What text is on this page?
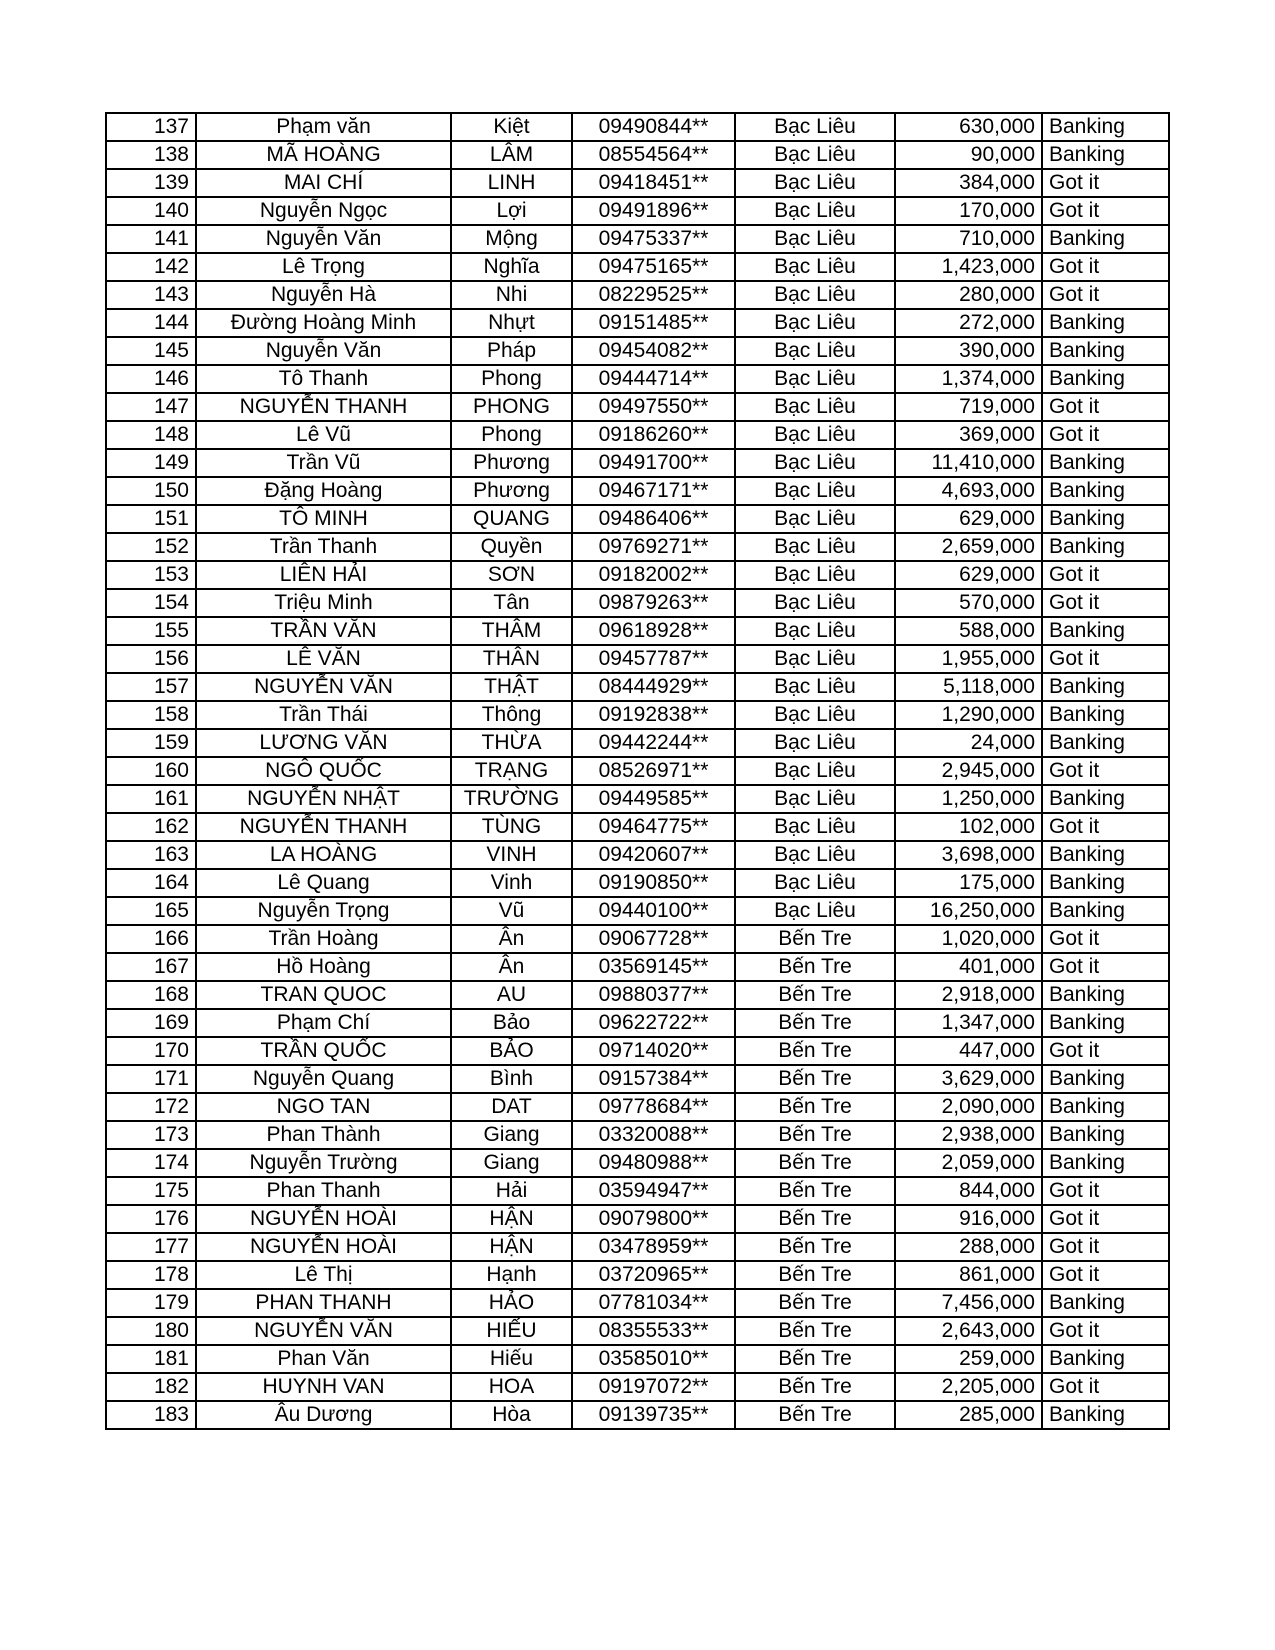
137	Phạm văn	Kiệt	09490844**	Bạc Liêu	630,000	Banking
138	MÃ HOÀNG	LÂM	08554564**	Bạc Liêu	90,000	Banking
139	MAI CHÍ	LINH	09418451**	Bạc Liêu	384,000	Got it
140	Nguyễn Ngọc	Lợi	09491896**	Bạc Liêu	170,000	Got it
141	Nguyễn Văn	Mộng	09475337**	Bạc Liêu	710,000	Banking
142	Lê Trọng	Nghĩa	09475165**	Bạc Liêu	1,423,000	Got it
143	Nguyễn Hà	Nhi	08229525**	Bạc Liêu	280,000	Got it
144	Đường Hoàng Minh	Nhựt	09151485**	Bạc Liêu	272,000	Banking
145	Nguyễn Văn	Pháp	09454082**	Bạc Liêu	390,000	Banking
146	Tô Thanh	Phong	09444714**	Bạc Liêu	1,374,000	Banking
147	NGUYỄN THANH	PHONG	09497550**	Bạc Liêu	719,000	Got it
148	Lê Vũ	Phong	09186260**	Bạc Liêu	369,000	Got it
149	Trần Vũ	Phương	09491700**	Bạc Liêu	11,410,000	Banking
150	Đặng Hoàng	Phương	09467171**	Bạc Liêu	4,693,000	Banking
151	TÔ MINH	QUANG	09486406**	Bạc Liêu	629,000	Banking
152	Trần Thanh	Quyền	09769271**	Bạc Liêu	2,659,000	Banking
153	LIÊN HẢI	SƠN	09182002**	Bạc Liêu	629,000	Got it
154	Triệu Minh	Tân	09879263**	Bạc Liêu	570,000	Got it
155	TRẦN VĂN	THÂM	09618928**	Bạc Liêu	588,000	Banking
156	LÊ VĂN	THÂN	09457787**	Bạc Liêu	1,955,000	Got it
157	NGUYỄN VĂN	THẬT	08444929**	Bạc Liêu	5,118,000	Banking
158	Trần Thái	Thông	09192838**	Bạc Liêu	1,290,000	Banking
159	LƯƠNG VĂN	THỪA	09442244**	Bạc Liêu	24,000	Banking
160	NGÔ QUỐC	TRẠNG	08526971**	Bạc Liêu	2,945,000	Got it
161	NGUYỄN NHẬT	TRƯỜNG	09449585**	Bạc Liêu	1,250,000	Banking
162	NGUYỄN THANH	TÙNG	09464775**	Bạc Liêu	102,000	Got it
163	LA HOÀNG	VINH	09420607**	Bạc Liêu	3,698,000	Banking
164	Lê Quang	Vinh	09190850**	Bạc Liêu	175,000	Banking
165	Nguyễn Trọng	Vũ	09440100**	Bạc Liêu	16,250,000	Banking
166	Trần Hoàng	Ân	09067728**	Bến Tre	1,020,000	Got it
167	Hồ Hoàng	Ân	03569145**	Bến Tre	401,000	Got it
168	TRAN QUOC	AU	09880377**	Bến Tre	2,918,000	Banking
169	Phạm Chí	Bảo	09622722**	Bến Tre	1,347,000	Banking
170	TRẦN QUỐC	BẢO	09714020**	Bến Tre	447,000	Got it
171	Nguyễn Quang	Bình	09157384**	Bến Tre	3,629,000	Banking
172	NGO TAN	DAT	09778684**	Bến Tre	2,090,000	Banking
173	Phan Thành	Giang	03320088**	Bến Tre	2,938,000	Banking
174	Nguyễn Trường	Giang	09480988**	Bến Tre	2,059,000	Banking
175	Phan Thanh	Hải	03594947**	Bến Tre	844,000	Got it
176	NGUYỄN HOÀI	HẬN	09079800**	Bến Tre	916,000	Got it
177	NGUYỄN HOÀI	HẬN	03478959**	Bến Tre	288,000	Got it
178	Lê Thị	Hạnh	03720965**	Bến Tre	861,000	Got it
179	PHAN THANH	HẢO	07781034**	Bến Tre	7,456,000	Banking
180	NGUYỄN VĂN	HIẾU	08355533**	Bến Tre	2,643,000	Got it
181	Phan Văn	Hiếu	03585010**	Bến Tre	259,000	Banking
182	HUYNH VAN	HOA	09197072**	Bến Tre	2,205,000	Got it
183	Âu Dương	Hòa	09139735**	Bến Tre	285,000	Banking
